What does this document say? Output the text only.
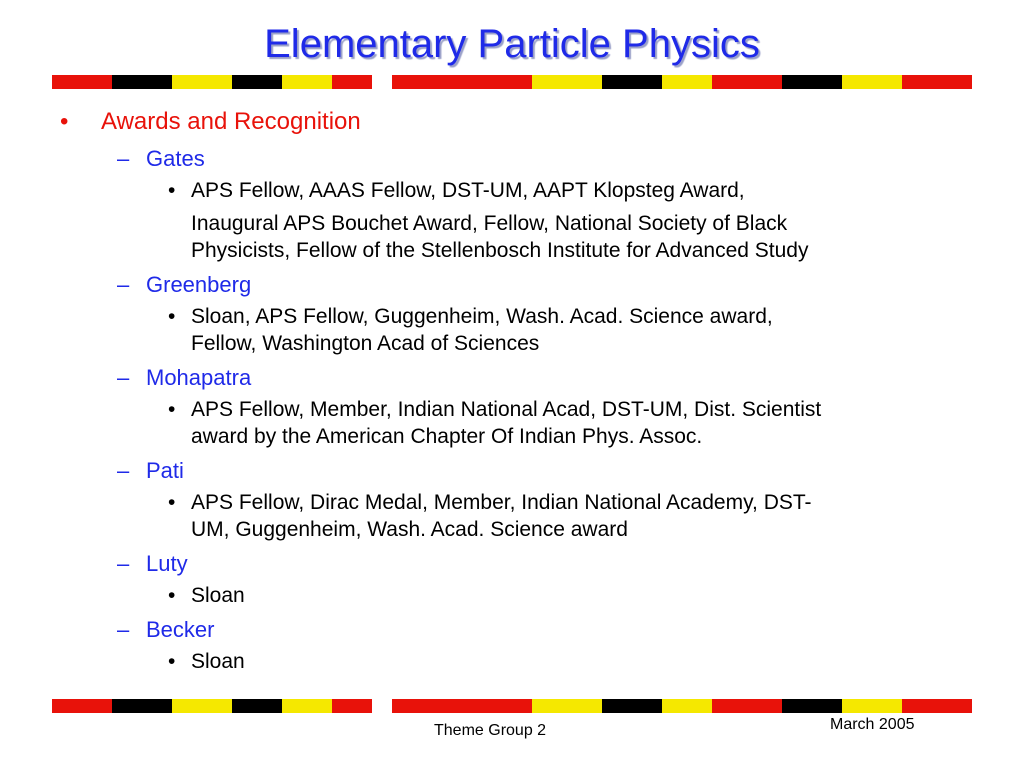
Elementary Particle Physics
• Awards and Recognition
– Gates
• APS Fellow, AAAS Fellow, DST-UM, AAPT Klopsteg Award,
Inaugural APS Bouchet Award, Fellow, National Society of Black
Physicists, Fellow of the Stellenbosch Institute for Advanced Study
– Greenberg
• Sloan, APS Fellow, Guggenheim, Wash. Acad. Science award,
Fellow, Washington Acad of Sciences
– Mohapatra
• APS Fellow, Member, Indian National Acad, DST-UM, Dist. Scientist
award by the American Chapter Of Indian Phys. Assoc.
– Pati
• APS Fellow, Dirac Medal, Member, Indian National Academy, DST-
UM, Guggenheim, Wash. Acad. Science award
– Luty
• Sloan
– Becker
• Sloan
Theme Group 2	March 2005
